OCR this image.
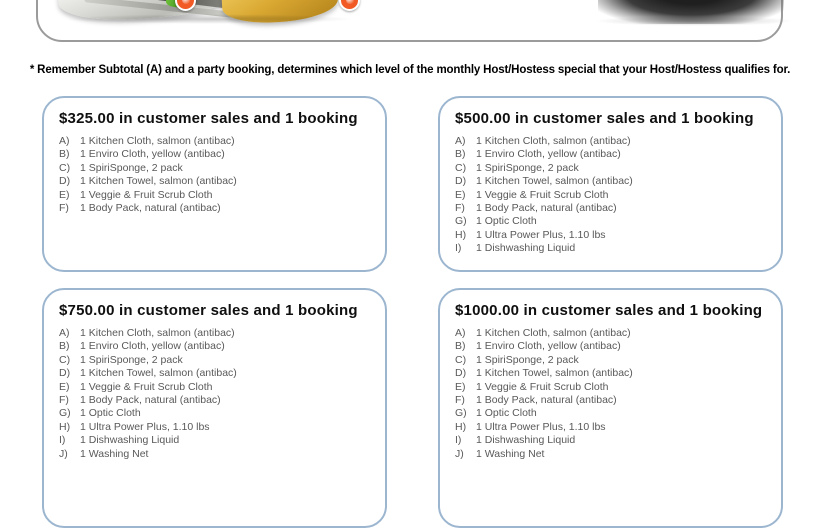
* Remember Subtotal (A) and a party booking, determines which level of the monthly Host/Hostess special that your Host/Hostess qualifies for.
$325.00 in customer sales and 1 booking
A)	1 Kitchen Cloth, salmon (antibac)
B)	1 Enviro Cloth, yellow (antibac)
C) 1 SpiriSponge, 2 pack
D) 1 Kitchen Towel, salmon (antibac)
E)	1 Veggie & Fruit Scrub Cloth
F)	1 Body Pack, natural (antibac)
$500.00 in customer sales and 1 booking
A)	1 Kitchen Cloth, salmon (antibac)
B)	1 Enviro Cloth, yellow (antibac)
C) 1 SpiriSponge, 2 pack
D) 1 Kitchen Towel, salmon (antibac)
E)	1 Veggie & Fruit Scrub Cloth
F)	1 Body Pack, natural (antibac)
G) 1 Optic Cloth
H) 1 Ultra Power Plus, 1.10 lbs
I)	1 Dishwashing Liquid
$750.00 in customer sales and 1 booking
A)	1 Kitchen Cloth, salmon (antibac)
B)	1 Enviro Cloth, yellow (antibac)
C) 1 SpiriSponge, 2 pack
D) 1 Kitchen Towel, salmon (antibac)
E)	1 Veggie & Fruit Scrub Cloth
F)	1 Body Pack, natural (antibac)
G) 1 Optic Cloth
H) 1 Ultra Power Plus, 1.10 lbs
I)	1 Dishwashing Liquid
J)	1 Washing Net
$1000.00 in customer sales and 1 booking
A)	1 Kitchen Cloth, salmon (antibac)
B)	1 Enviro Cloth, yellow (antibac)
C) 1 SpiriSponge, 2 pack
D) 1 Kitchen Towel, salmon (antibac)
E)	1 Veggie & Fruit Scrub Cloth
F)	1 Body Pack, natural (antibac)
G) 1 Optic Cloth
H) 1 Ultra Power Plus, 1.10 lbs
I)	1 Dishwashing Liquid
J)	1 Washing Net
